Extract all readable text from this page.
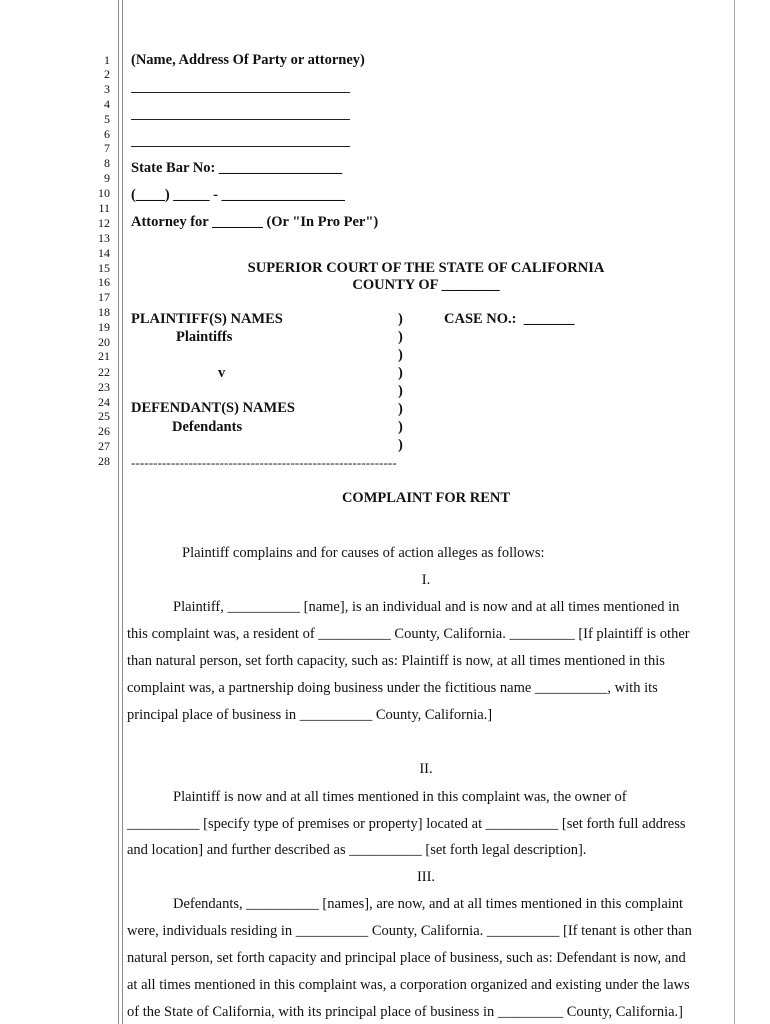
1
2
3
4
5
6
7
8
9
10
11
12
13
14
15
16
17
18
19
20
21
22
23
24
25
26
27
28
(Name, Address Of Party or attorney)
State Bar No: _________________
(____) _____ - _________________
Attorney for _______ (Or "In Pro Per")
SUPERIOR COURT OF THE STATE OF CALIFORNIA
COUNTY OF ________
PLAINTIFF(S) NAMES
Plaintiffs
v
DEFENDANT(S) NAMES
Defendants
)
)
)
)
)
)
)
)
CASE NO.:  _______
------------------------------------------------------------
COMPLAINT FOR RENT
Plaintiff complains and for causes of action alleges as follows:
I.
Plaintiff, __________ [name], is an individual and is now and at all times mentioned in
this complaint was, a resident of __________ County, California. _________ [If plaintiff is other
than natural person, set forth capacity, such as: Plaintiff is now, at all times mentioned in this
complaint was, a partnership doing business under the fictitious name __________, with its
principal place of business in __________ County, California.]
II.
Plaintiff is now and at all times mentioned in this complaint was, the owner of
__________ [specify type of premises or property] located at __________ [set forth full address
and location] and further described as __________ [set forth legal description].
III.
Defendants, __________ [names], are now, and at all times mentioned in this complaint
were, individuals residing in __________ County, California. __________ [If tenant is other than
natural person, set forth capacity and principal place of business, such as: Defendant is now, and
at all times mentioned in this complaint was, a corporation organized and existing under the laws
of the State of California, with its principal place of business in _________ County, California.]
